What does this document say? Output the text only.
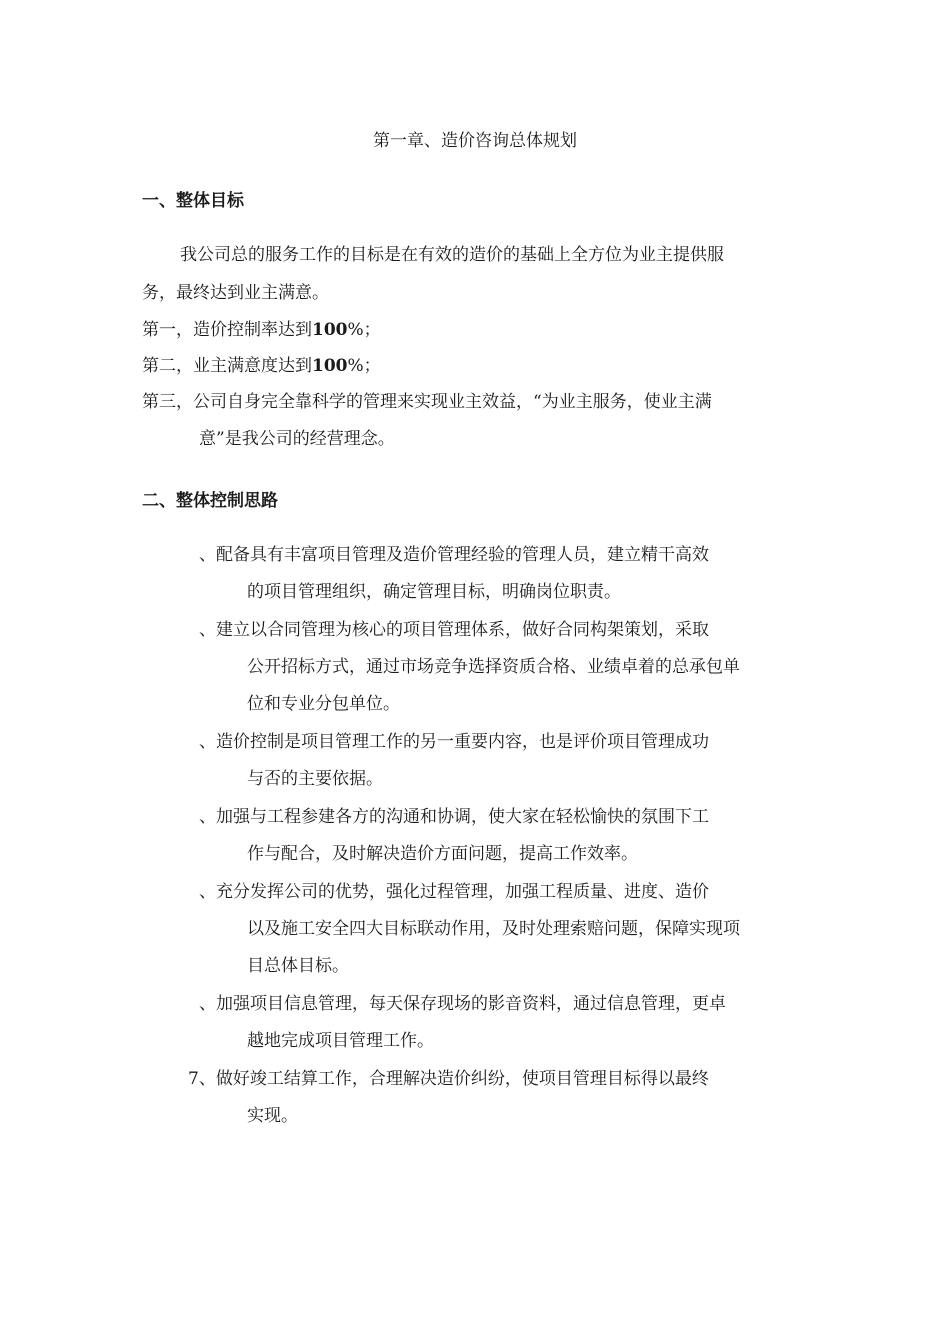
第一章、造价咨询总体规划
一、整体目标
我公司总的服务工作的目标是在有效的造价的基础上全方位为业主提供服
务，最终达到业主满意。
第一，造价控制率达到100%；
第二，业主满意度达到100%；
第三，公司自身完全靠科学的管理来实现业主效益，“为业主服务，使业主满
意”是我公司的经营理念。
二、整体控制思路
、配备具有丰富项目管理及造价管理经验的管理人员，建立精干高效
的项目管理组织，确定管理目标，明确岗位职责。
、建立以合同管理为核心的项目管理体系，做好合同构架策划，采取
公开招标方式，通过市场竞争选择资质合格、业绩卓着的总承包单
位和专业分包单位。
、造价控制是项目管理工作的另一重要内容，也是评价项目管理成功
与否的主要依据。
、加强与工程参建各方的沟通和协调，使大家在轻松愉快的氛围下工
作与配合，及时解决造价方面问题，提高工作效率。
、充分发挥公司的优势，强化过程管理，加强工程质量、进度、造价
以及施工安全四大目标联动作用，及时处理索赔问题，保障实现项
目总体目标。
、加强项目信息管理，每天保存现场的影音资料，通过信息管理，更卓
越地完成项目管理工作。
7、做好竣工结算工作，合理解决造价纠纷，使项目管理目标得以最终
实现。
